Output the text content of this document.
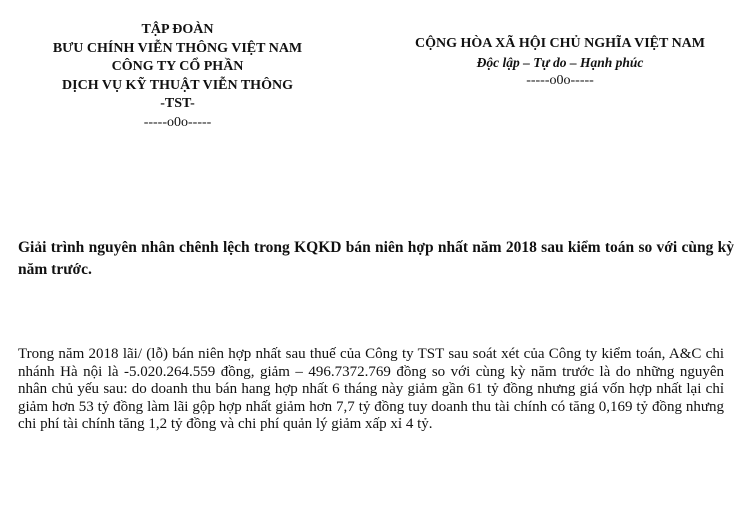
TẬP ĐOÀN
BƯU CHÍNH VIỄN THÔNG VIỆT NAM
CÔNG TY CỔ PHẦN
DỊCH VỤ KỸ THUẬT VIỄN THÔNG
-TST-
-----o0o-----
CỘNG HÒA XÃ HỘI CHỦ NGHĨA VIỆT NAM
Độc lập – Tự do – Hạnh phúc
-----o0o-----
Giải trình nguyên nhân chênh lệch trong KQKD bán niên hợp nhất năm 2018 sau kiểm toán so với cùng kỳ năm trước.
Trong năm 2018 lãi/ (lỗ) bán niên hợp nhất sau thuế của Công ty TST sau soát xét của Công ty kiểm toán, A&C chi nhánh Hà nội là -5.020.264.559 đồng, giảm – 496.7372.769 đồng so với cùng kỳ năm trước là do những nguyên nhân chủ yếu sau: do doanh thu bán hang hợp nhất 6 tháng này giảm gần 61 tỷ đồng nhưng giá vốn hợp nhất lại chỉ giảm hơn 53 tỷ đồng làm lãi gộp hợp nhất giảm hơn 7,7 tỷ đồng tuy doanh thu tài chính có tăng 0,169 tỷ đồng nhưng chi phí tài chính tăng 1,2 tỷ đồng và chi phí quản lý giảm xấp xỉ 4 tỷ.
